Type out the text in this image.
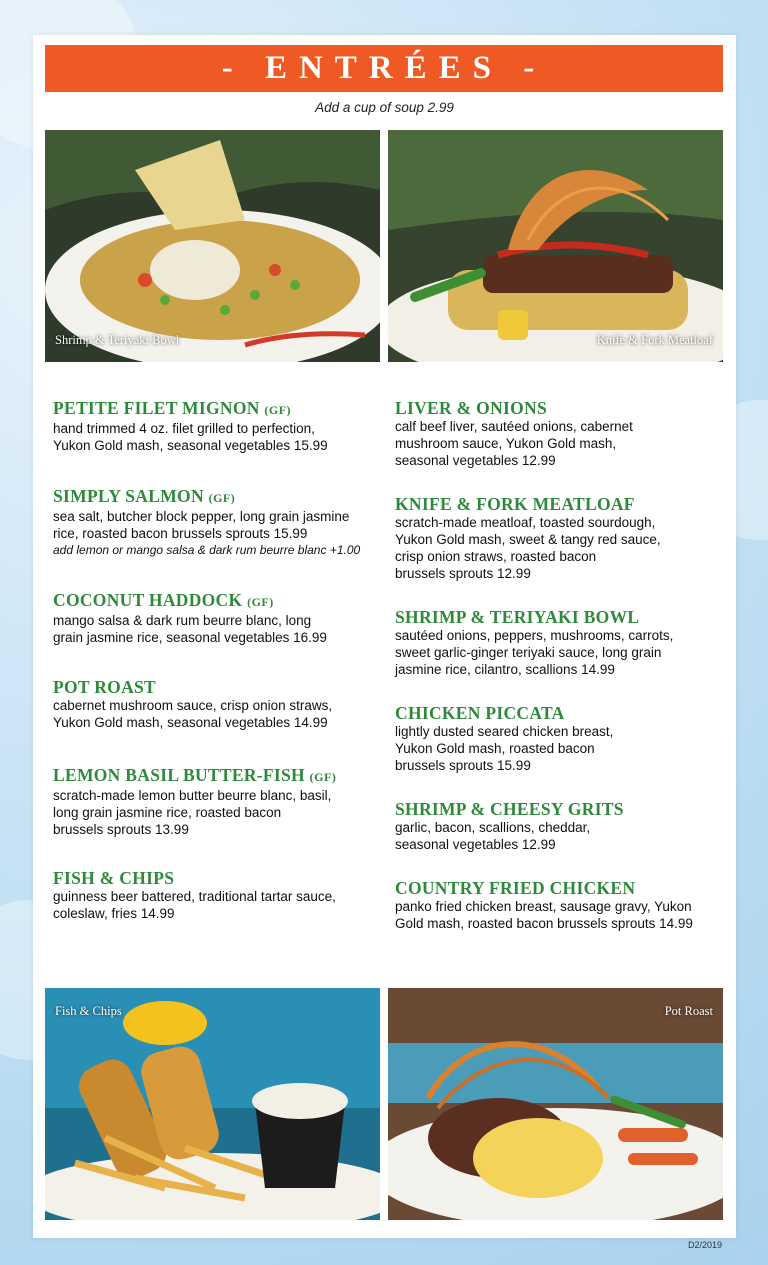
- ENTRÉES -
Add a cup of soup 2.99
Shrimp & Teriyaki Bowl	Knife & Fork Meatloaf
PETITE FILET MIGNON (GF)
hand trimmed 4 oz. filet grilled to perfection,
Yukon Gold mash, seasonal vegetables 15.99
SIMPLY SALMON (GF)
sea salt, butcher block pepper, long grain jasmine
rice, roasted bacon brussels sprouts 15.99
add lemon or mango salsa & dark rum beurre blanc +1.00
COCONUT HADDOCK (GF)
mango salsa & dark rum beurre blanc, long
grain jasmine rice, seasonal vegetables 16.99
POT ROAST
cabernet mushroom sauce, crisp onion straws,
Yukon Gold mash, seasonal vegetables 14.99
LEMON BASIL BUTTER-FISH (GF)
scratch-made lemon butter beurre blanc, basil,
long grain jasmine rice, roasted bacon
brussels sprouts 13.99
FISH & CHIPS
guinness beer battered, traditional tartar sauce,
coleslaw, fries 14.99
LIVER & ONIONS
calf beef liver, sautéed onions, cabernet
mushroom sauce, Yukon Gold mash,
seasonal vegetables 12.99
KNIFE & FORK MEATLOAF
scratch-made meatloaf, toasted sourdough,
Yukon Gold mash, sweet & tangy red sauce,
crisp onion straws, roasted bacon
brussels sprouts 12.99
SHRIMP & TERIYAKI BOWL
sautéed onions, peppers, mushrooms, carrots,
sweet garlic-ginger teriyaki sauce, long grain
jasmine rice, cilantro, scallions 14.99
CHICKEN PICCATA
lightly dusted seared chicken breast,
Yukon Gold mash, roasted bacon
brussels sprouts 15.99
SHRIMP & CHEESY GRITS
garlic, bacon, scallions, cheddar,
seasonal vegetables 12.99
COUNTRY FRIED CHICKEN
panko fried chicken breast, sausage gravy, Yukon
Gold mash, roasted bacon brussels sprouts 14.99
Fish & Chips	Pot Roast
D2/2019
